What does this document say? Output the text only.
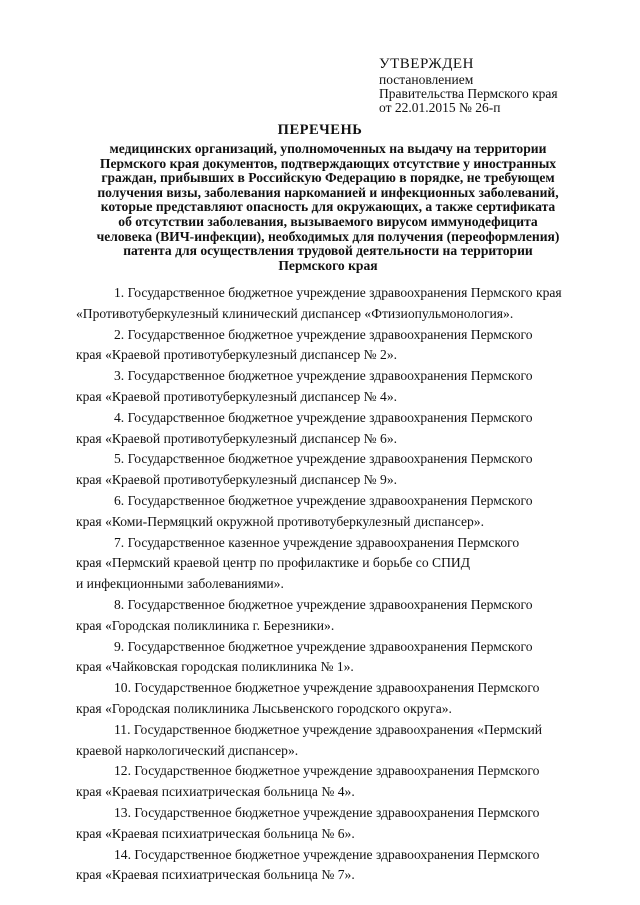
УТВЕРЖДЕН
постановлением
Правительства Пермского края
от 22.01.2015 № 26-п
ПЕРЕЧЕНЬ
медицинских организаций, уполномоченных на выдачу на территории
Пермского края документов, подтверждающих отсутствие у иностранных
граждан, прибывших в Российскую Федерацию в порядке, не требующем
получения визы, заболевания наркоманией и инфекционных заболеваний,
которые представляют опасность для окружающих, а также сертификата
об отсутствии заболевания, вызываемого вирусом иммунодефицита
человека (ВИЧ-инфекции), необходимых для получения (переоформления)
патента для осуществления трудовой деятельности на территории
Пермского края
1. Государственное бюджетное учреждение здравоохранения Пермского края
«Противотуберкулезный клинический диспансер «Фтизиопульмонология».
2. Государственное бюджетное учреждение здравоохранения Пермского
края «Краевой противотуберкулезный диспансер № 2».
3. Государственное бюджетное учреждение здравоохранения Пермского
края «Краевой противотуберкулезный диспансер № 4».
4. Государственное бюджетное учреждение здравоохранения Пермского
края «Краевой противотуберкулезный диспансер № 6».
5. Государственное бюджетное учреждение здравоохранения Пермского
края «Краевой противотуберкулезный диспансер № 9».
6. Государственное бюджетное учреждение здравоохранения Пермского
края «Коми-Пермяцкий окружной противотуберкулезный диспансер».
7. Государственное казенное учреждение здравоохранения Пермского
края «Пермский краевой центр по профилактике и борьбе со СПИД
и инфекционными заболеваниями».
8. Государственное бюджетное учреждение здравоохранения Пермского
края «Городская поликлиника г. Березники».
9. Государственное бюджетное учреждение здравоохранения Пермского
края «Чайковская городская поликлиника № 1».
10. Государственное бюджетное учреждение здравоохранения Пермского
края «Городская поликлиника Лысьвенского городского округа».
11. Государственное бюджетное учреждение здравоохранения «Пермский
краевой наркологический диспансер».
12. Государственное бюджетное учреждение здравоохранения Пермского
края «Краевая психиатрическая больница № 4».
13. Государственное бюджетное учреждение здравоохранения Пермского
края «Краевая психиатрическая больница № 6».
14. Государственное бюджетное учреждение здравоохранения Пермского
края «Краевая психиатрическая больница № 7».
